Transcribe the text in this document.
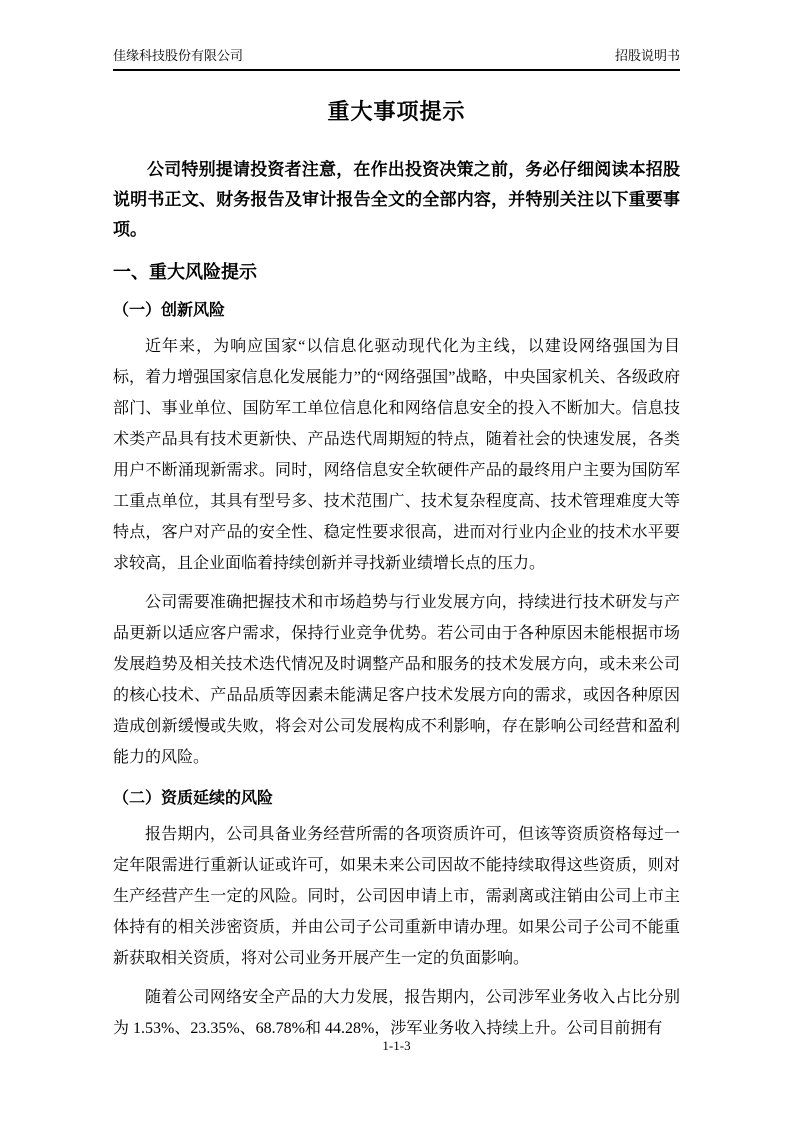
佳缘科技股份有限公司	招股说明书
重大事项提示

公司特别提请投资者注意，在作出投资决策之前，务必仔细阅读本招股说明书正文、财务报告及审计报告全文的全部内容，并特别关注以下重要事项。

一、重大风险提示
（一）创新风险

近年来，为响应国家“以信息化驱动现代化为主线，以建设网络强国为目标，着力增强国家信息化发展能力”的“网络强国”战略，中央国家机关、各级政府部门、事业单位、国防军工单位信息化和网络信息安全的投入不断加大。信息技术类产品具有技术更新快、产品迭代周期短的特点，随着社会的快速发展，各类用户不断涌现新需求。同时，网络信息安全软硬件产品的最终用户主要为国防军工重点单位，其具有型号多、技术范围广、技术复杂程度高、技术管理难度大等特点，客户对产品的安全性、稳定性要求很高，进而对行业内企业的技术水平要求较高，且企业面临着持续创新并寻找新业绩增长点的压力。

公司需要准确把握技术和市场趋势与行业发展方向，持续进行技术研发与产品更新以适应客户需求，保持行业竞争优势。若公司由于各种原因未能根据市场发展趋势及相关技术迭代情况及时调整产品和服务的技术发展方向，或未来公司的核心技术、产品品质等因素未能满足客户技术发展方向的需求，或因各种原因造成创新缓慢或失败，将会对公司发展构成不利影响，存在影响公司经营和盈利能力的风险。

（二）资质延续的风险

报告期内，公司具备业务经营所需的各项资质许可，但该等资质资格每过一定年限需进行重新认证或许可，如果未来公司因故不能持续取得这些资质，则对生产经营产生一定的风险。同时，公司因申请上市，需剥离或注销由公司上市主体持有的相关涉密资质，并由公司子公司重新申请办理。如果公司子公司不能重新获取相关资质，将对公司业务开展产生一定的负面影响。

随着公司网络安全产品的大力发展，报告期内，公司涉军业务收入占比分别为 1.53%、23.35%、68.78%和 44.28%，涉军业务收入持续上升。公司目前拥有

1-1-3
